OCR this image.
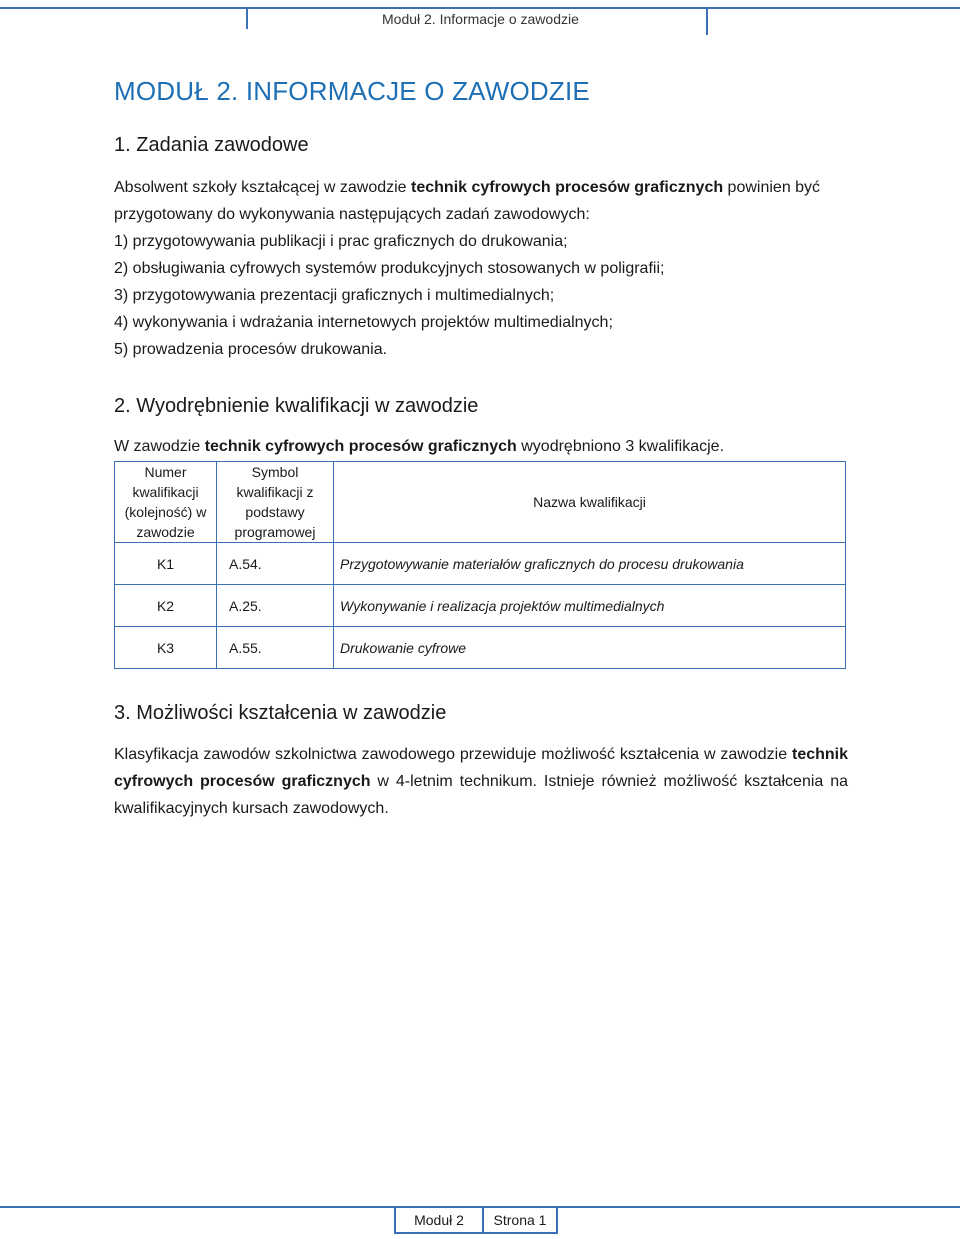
Moduł 2. Informacje o zawodzie
MODUŁ 2. INFORMACJE O ZAWODZIE
1. Zadania zawodowe

Absolwent szkoły kształcącej w zawodzie technik cyfrowych procesów graficznych powinien być przygotowany do wykonywania następujących zadań zawodowych:

1) przygotowywania publikacji i prac graficznych do drukowania;
2) obsługiwania cyfrowych systemów produkcyjnych stosowanych w poligrafii;
3) przygotowywania prezentacji graficznych i multimedialnych;
4) wykonywania i wdrażania internetowych projektów multimedialnych;
5) prowadzenia procesów drukowania.
2. Wyodrębnienie kwalifikacji w zawodzie

W zawodzie technik cyfrowych procesów graficznych wyodrębniono 3 kwalifikacje.

Numer kwalifikacji (kolejność) w zawodzie	Symbol kwalifikacji z podstawy programowej	Nazwa kwalifikacji
K1	A.54.	Przygotowywanie materiałów graficznych do procesu drukowania
K2	A.25.	Wykonywanie i realizacja projektów multimedialnych
K3	A.55.	Drukowanie cyfrowe
3. Możliwości kształcenia w zawodzie

Klasyfikacja zawodów szkolnictwa zawodowego przewiduje możliwość kształcenia w zawodzie technik cyfrowych procesów graficznych w 4-letnim technikum. Istnieje również możliwość kształcenia na kwalifikacyjnych kursach zawodowych.

Moduł 2	Strona 1
